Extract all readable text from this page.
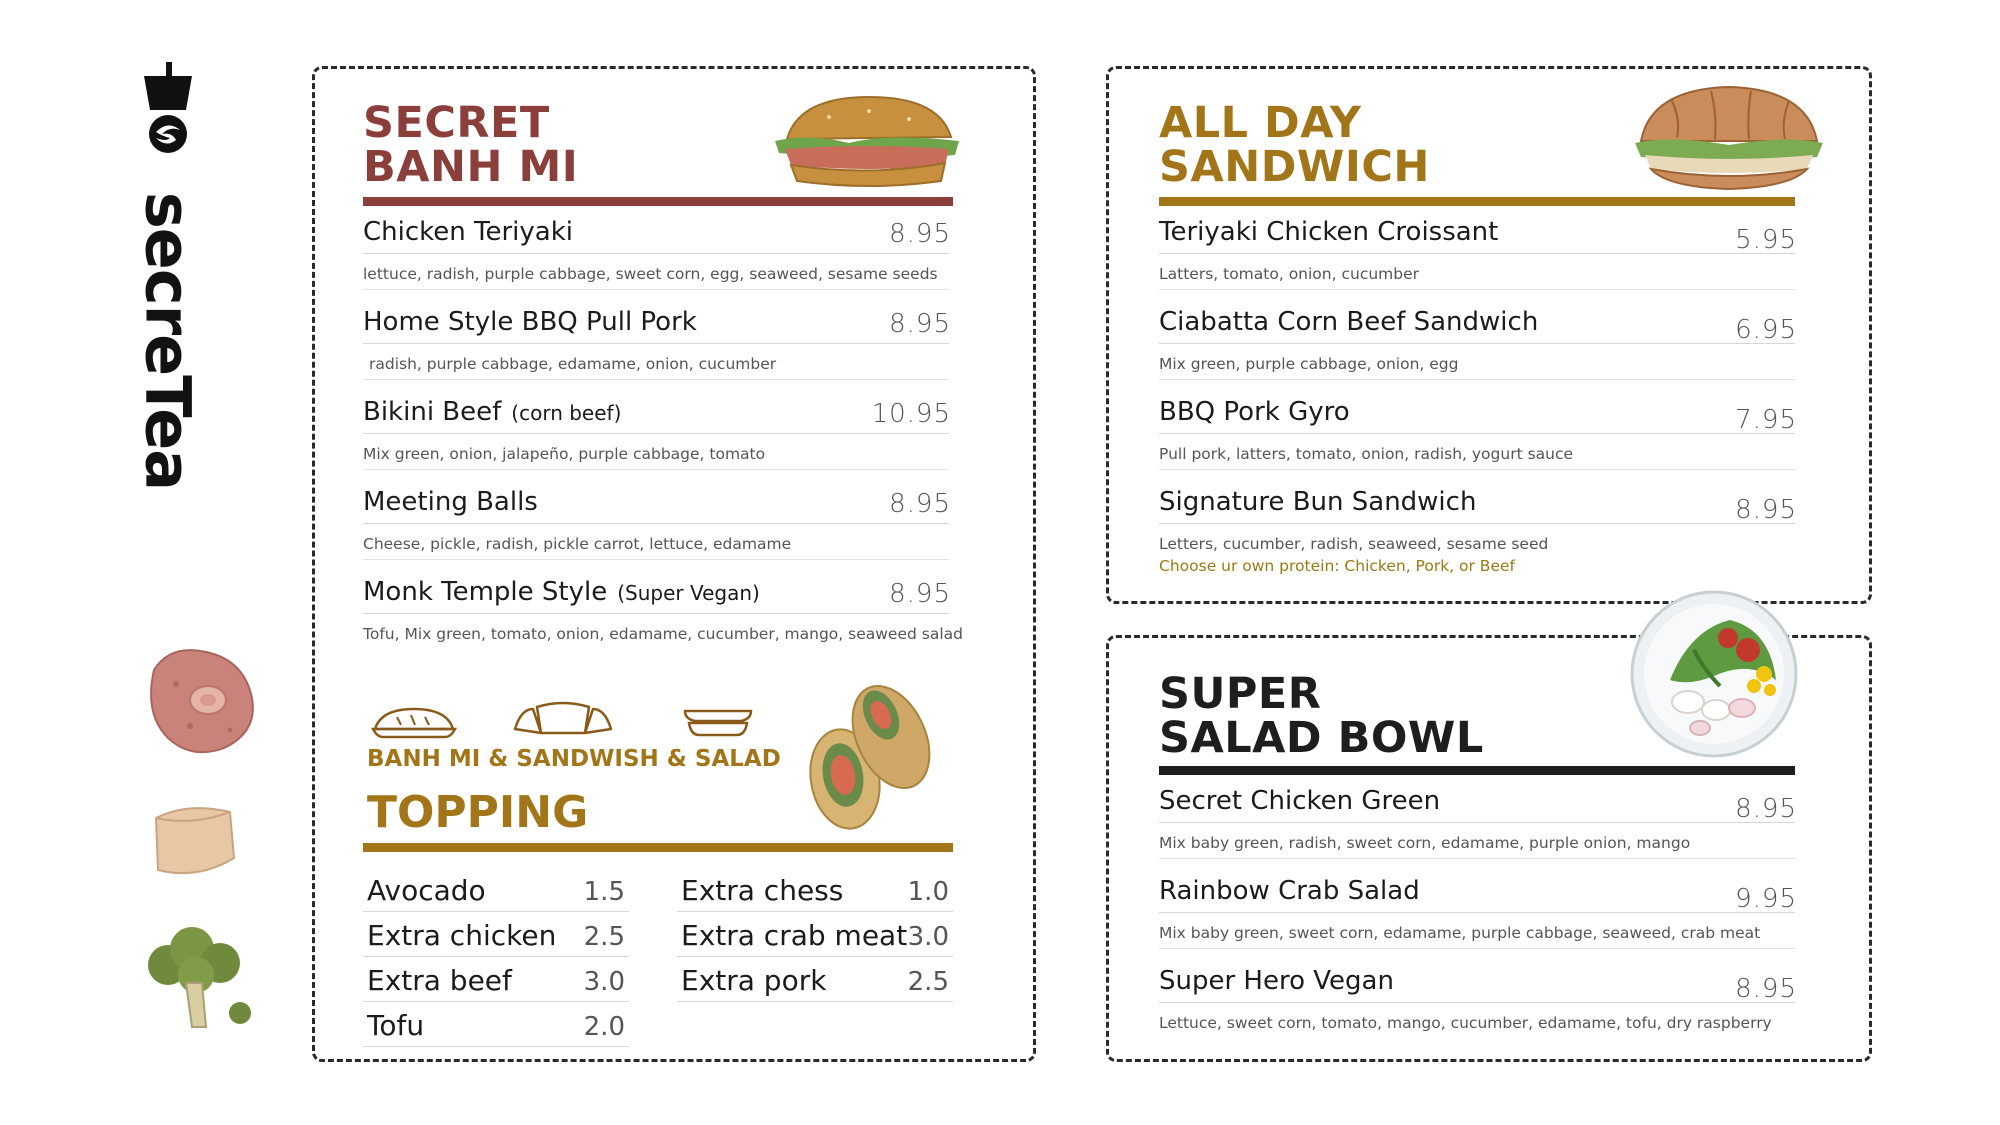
secreTea
SECRET
BANH MI
Chicken Teriyaki	8.95
lettuce, radish, purple cabbage, sweet corn, egg, seaweed, sesame seeds
Home Style BBQ Pull Pork	8.95
radish, purple cabbage, edamame, onion, cucumber
Bikini Beef (corn beef)	10.95
Mix green, onion, jalapeño, purple cabbage, tomato
Meeting Balls	8.95
Cheese, pickle, radish, pickle carrot, lettuce, edamame
Monk Temple Style (Super Vegan)	8.95
Tofu, Mix green, tomato, onion, edamame, cucumber, mango, seaweed salad
BANH MI & SANDWISH & SALAD
TOPPING
Avocado	1.5
Extra chicken 2.5
Extra beef	3.0
Tofu	2.0
Extra chess 1.0
Extra crab meat 3.0
Extra pork	2.5
ALL DAY
SANDWICH
Teriyaki Chicken Croissant	5.95
Latters, tomato, onion, cucumber
Ciabatta Corn Beef Sandwich	6.95
Mix green, purple cabbage, onion, egg
BBQ Pork Gyro	7.95
Pull pork, latters, tomato, onion, radish, yogurt sauce
Signature Bun Sandwich	8.95
Letters, cucumber, radish, seaweed, sesame seed
Choose ur own protein: Chicken, Pork, or Beef
SUPER
SALAD BOWL
Secret Chicken Green	8.95
Mix baby green, radish, sweet corn, edamame, purple onion, mango
Rainbow Crab Salad	9.95
Mix baby green, sweet corn, edamame, purple cabbage, seaweed, crab meat
Super Hero Vegan	8.95
Lettuce, sweet corn, tomato, mango, cucumber, edamame, tofu, dry raspberry
